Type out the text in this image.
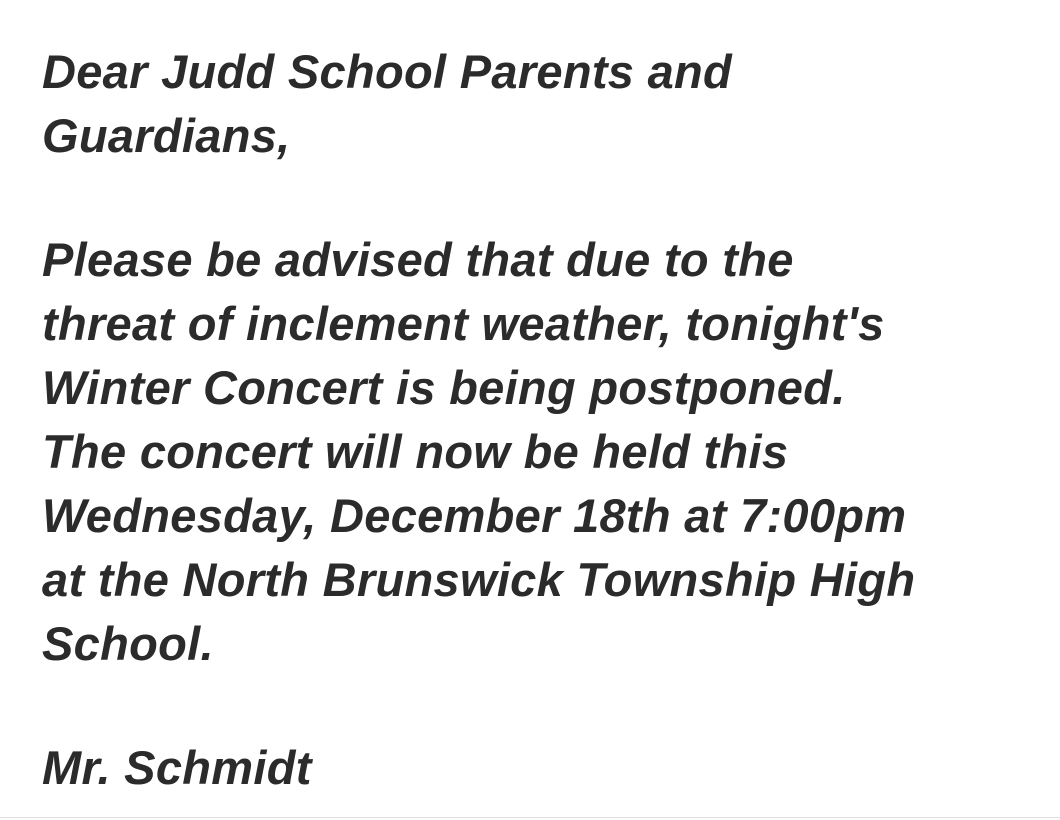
Dear Judd School Parents and
Guardians,
Please be advised that due to the
threat of inclement weather, tonight's
Winter Concert is being postponed.
The concert will now be held this
Wednesday, December 18th at 7:00pm
at the North Brunswick Township High
School.
Mr. Schmidt
